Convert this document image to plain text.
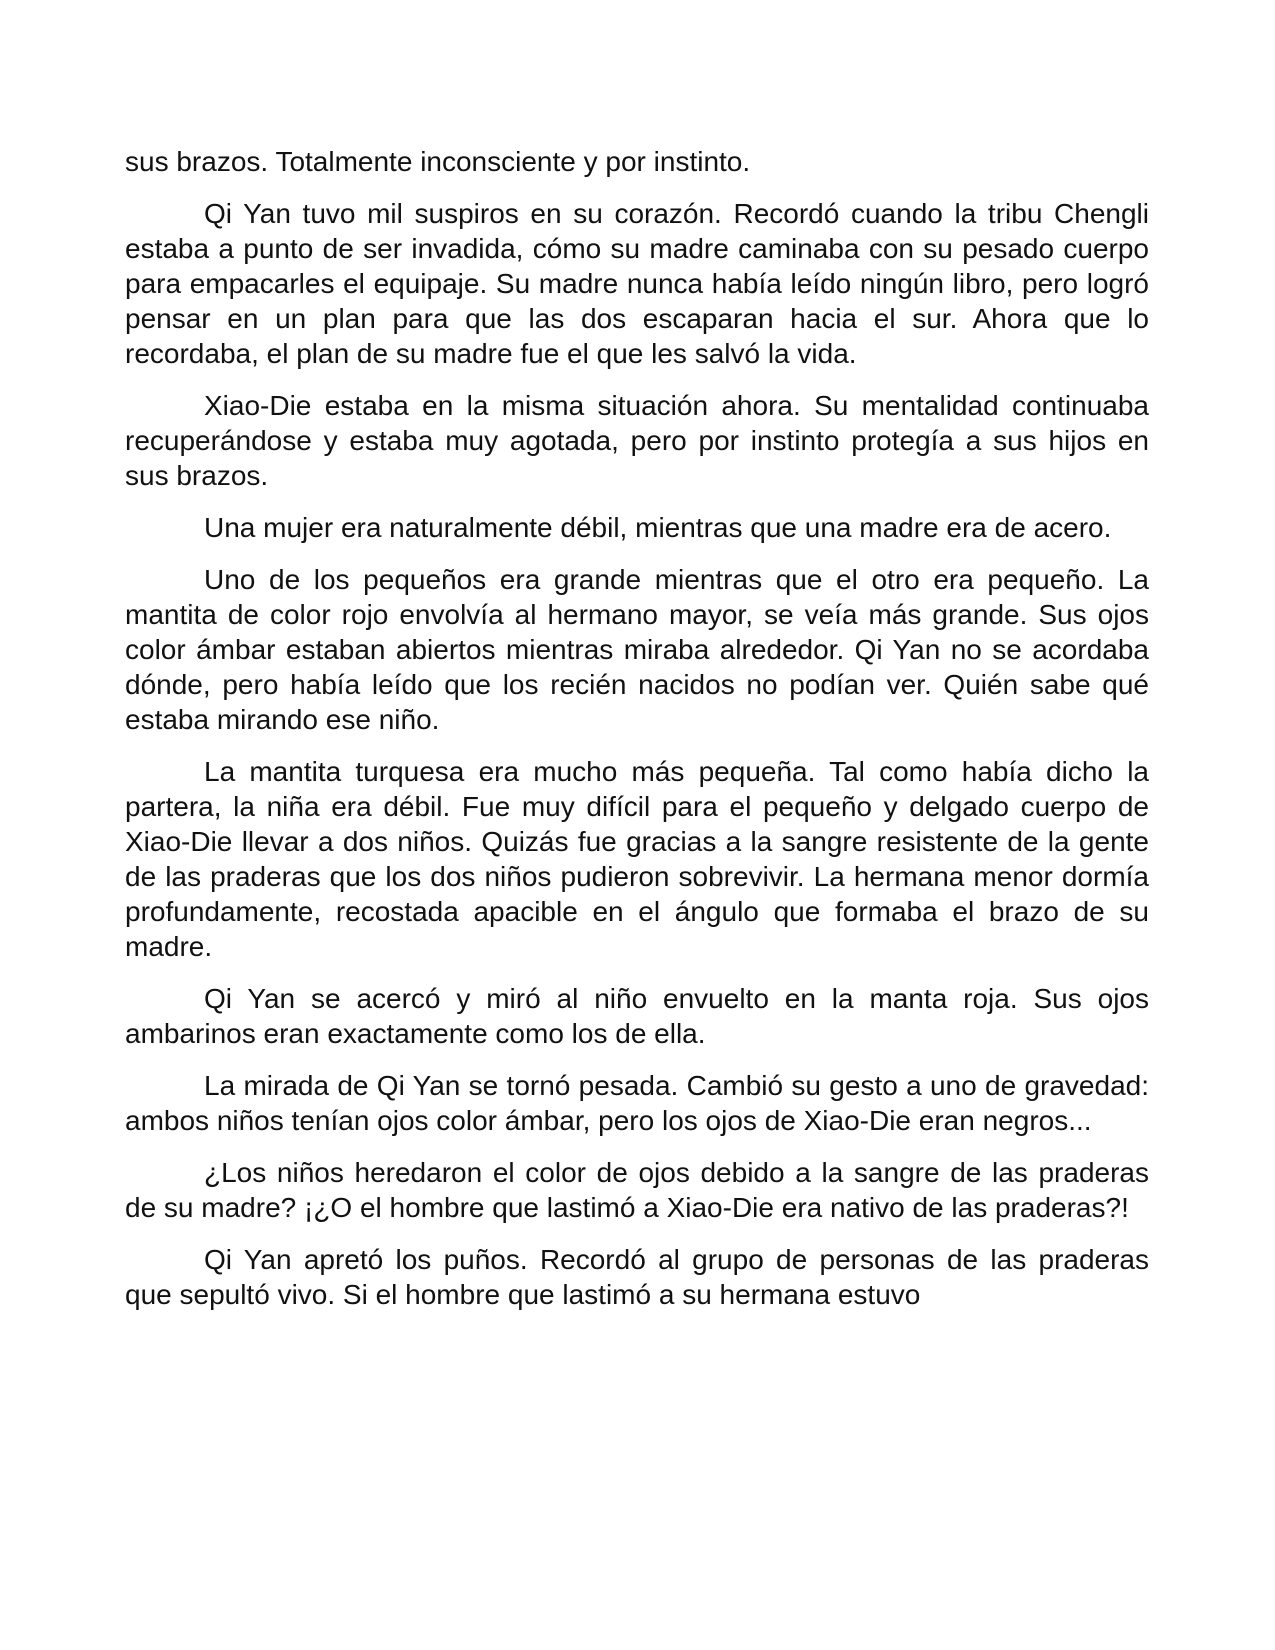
sus brazos. Totalmente inconsciente y por instinto.

Qi Yan tuvo mil suspiros en su corazón. Recordó cuando la tribu Chengli estaba a punto de ser invadida, cómo su madre caminaba con su pesado cuerpo para empacarles el equipaje. Su madre nunca había leído ningún libro, pero logró pensar en un plan para que las dos escaparan hacia el sur. Ahora que lo recordaba, el plan de su madre fue el que les salvó la vida.

Xiao-Die estaba en la misma situación ahora. Su mentalidad continuaba recuperándose y estaba muy agotada, pero por instinto protegía a sus hijos en sus brazos.

Una mujer era naturalmente débil, mientras que una madre era de acero.

Uno de los pequeños era grande mientras que el otro era pequeño. La mantita de color rojo envolvía al hermano mayor, se veía más grande. Sus ojos color ámbar estaban abiertos mientras miraba alrededor. Qi Yan no se acordaba dónde, pero había leído que los recién nacidos no podían ver. Quién sabe qué estaba mirando ese niño.

La mantita turquesa era mucho más pequeña. Tal como había dicho la partera, la niña era débil. Fue muy difícil para el pequeño y delgado cuerpo de Xiao-Die llevar a dos niños. Quizás fue gracias a la sangre resistente de la gente de las praderas que los dos niños pudieron sobrevivir. La hermana menor dormía profundamente, recostada apacible en el ángulo que formaba el brazo de su madre.

Qi Yan se acercó y miró al niño envuelto en la manta roja. Sus ojos ambarinos eran exactamente como los de ella.

La mirada de Qi Yan se tornó pesada. Cambió su gesto a uno de gravedad: ambos niños tenían ojos color ámbar, pero los ojos de Xiao-Die eran negros...

¿Los niños heredaron el color de ojos debido a la sangre de las praderas de su madre? ¡¿O el hombre que lastimó a Xiao-Die era nativo de las praderas?!

Qi Yan apretó los puños. Recordó al grupo de personas de las praderas que sepultó vivo. Si el hombre que lastimó a su hermana estuvo
